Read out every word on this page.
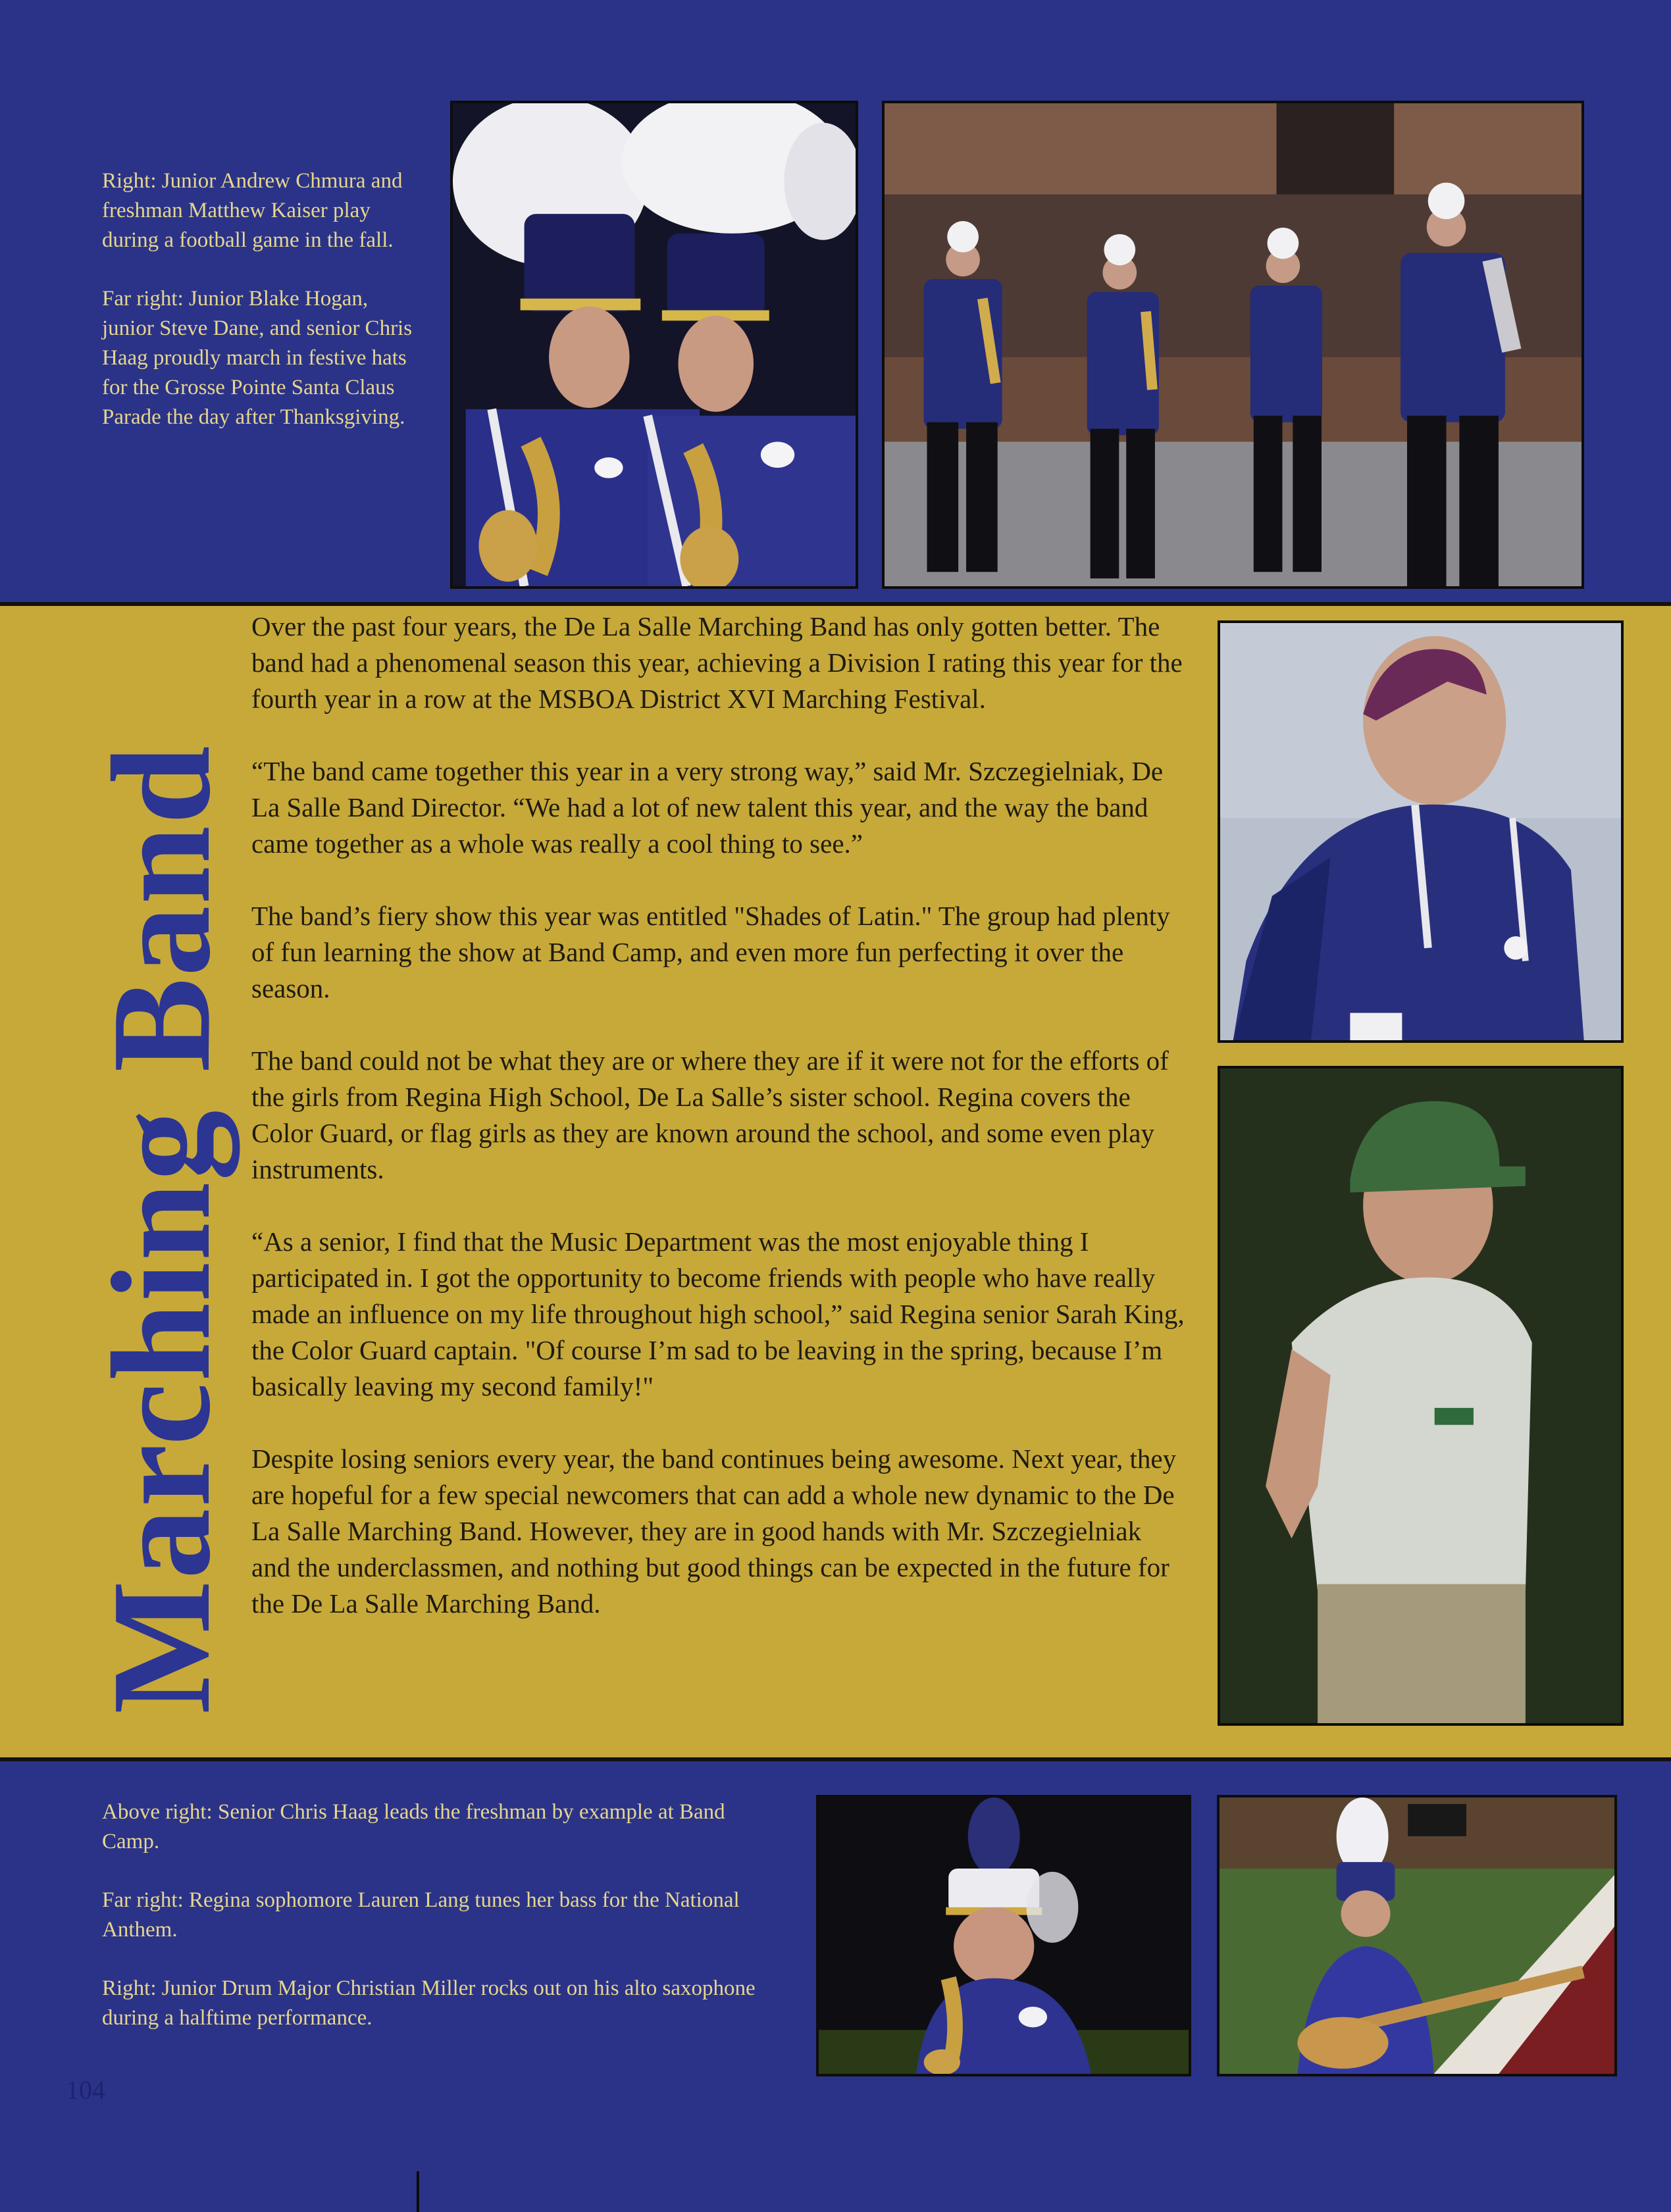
Right: Junior Andrew Chmura and freshman Matthew Kaiser play during a football game in the fall.

Far right: Junior Blake Hogan, junior Steve Dane, and senior Chris Haag proudly march in festive hats for the Grosse Pointe Santa Claus Parade the day after Thanksgiving.

Marching Band

Over the past four years, the De La Salle Marching Band has only gotten better. The band had a phenomenal season this year, achieving a Division I rating this year for the fourth year in a row at the MSBOA District XVI Marching Festival.

“The band came together this year in a very strong way,” said Mr. Szczegielniak, De La Salle Band Director. “We had a lot of new talent this year, and the way the band came together as a whole was really a cool thing to see.”

The band’s fiery show this year was entitled "Shades of Latin." The group had plenty of fun learning the show at Band Camp, and even more fun perfecting it over the season.

The band could not be what they are or where they are if it were not for the efforts of the girls from Regina High School, De La Salle’s sister school. Regina covers the Color Guard, or flag girls as they are known around the school, and some even play instruments.

“As a senior, I find that the Music Department was the most enjoyable thing I participated in. I got the opportunity to become friends with people who have really made an influence on my life throughout high school,” said Regina senior Sarah King, the Color Guard captain. "Of course I’m sad to be leaving in the spring, because I’m basically leaving my second family!"

Despite losing seniors every year, the band continues being awesome. Next year, they are hopeful for a few special newcomers that can add a whole new dynamic to the De La Salle Marching Band. However, they are in good hands with Mr. Szczegielniak and the underclassmen, and nothing but good things can be expected in the future for the De La Salle Marching Band.

Above right: Senior Chris Haag leads the freshman by example at Band Camp.

Far right: Regina sophomore Lauren Lang tunes her bass for the National Anthem.

Right: Junior Drum Major Christian Miller rocks out on his alto saxophone during a halftime performance.

104
